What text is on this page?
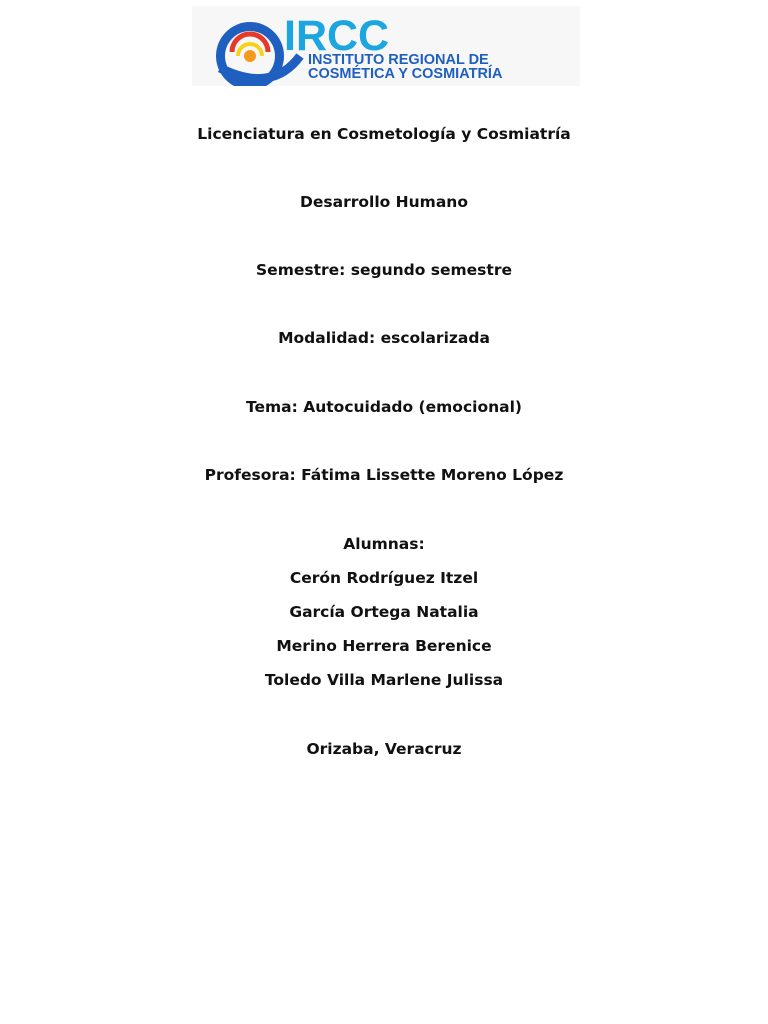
IRCC
INSTITUTO REGIONAL DE
COSMÉTICA Y COSMIATRÍA
Licenciatura en Cosmetología y Cosmiatría
Desarrollo Humano
Semestre: segundo semestre
Modalidad: escolarizada
Tema: Autocuidado (emocional)
Profesora: Fátima Lissette Moreno López
Alumnas:
Cerón Rodríguez Itzel
García Ortega Natalia
Merino Herrera Berenice
Toledo Villa Marlene Julissa
Orizaba, Veracruz
